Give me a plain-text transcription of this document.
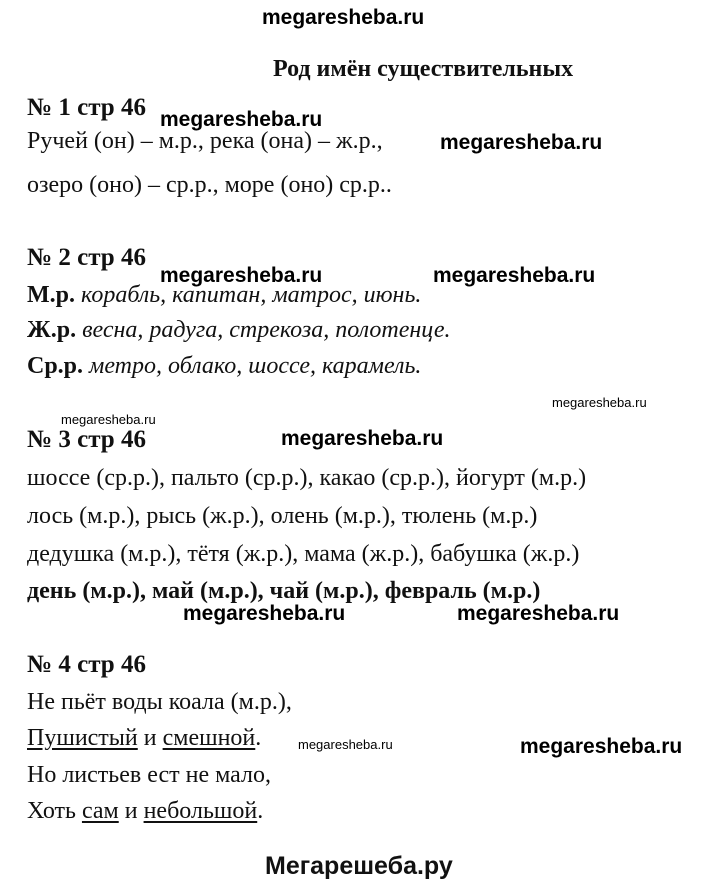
megaresheba.ru
Род имён существительных
№ 1 стр 46 megaresheba.ru
Ручей (он) – м.р., река (она) – ж.р.,	megaresheba.ru
озеро (оно) – ср.р., море (оно) ср.р..
№ 2 стр 46
megaresheba.ru	megaresheba.ru
М.р. корабль, капитан, матрос, июнь.
Ж.р. весна, радуга, стрекоза, полотенце.
Ср.р. метро, облако, шоссе, карамель.
megaresheba.ru
megaresheba.ru
№ 3 стр 46	megaresheba.ru
шоссе (ср.р.), пальто (ср.р.), какао (ср.р.), йогурт (м.р.)
лось (м.р.), рысь (ж.р.), олень (м.р.), тюлень (м.р.)
дедушка (м.р.), тётя (ж.р.), мама (ж.р.), бабушка (ж.р.)
день (м.р.), май (м.р.), чай (м.р.), февраль (м.р.)
megaresheba.ru	megaresheba.ru
№ 4 стр 46
Не пьёт воды коала (м.р.),
Пушистый и смешной.	megaresheba.ru	megaresheba.ru
Но листьев ест не мало,
Хоть сам и небольшой.
Мегарешеба.ру
